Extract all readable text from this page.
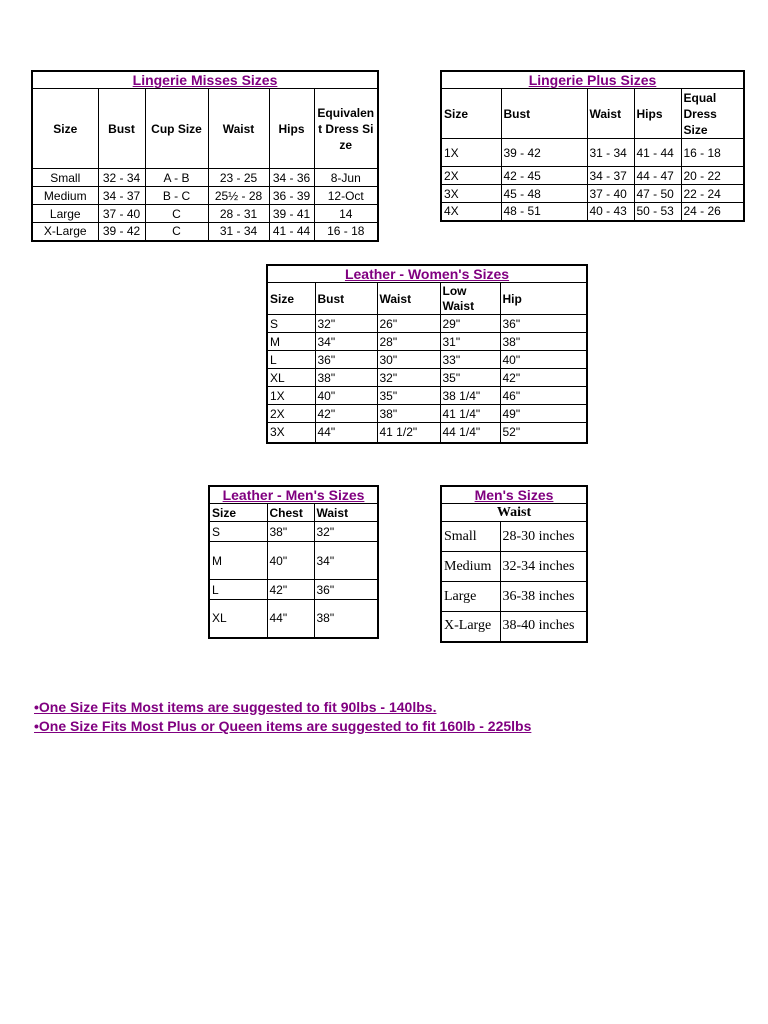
Lingerie Misses Sizes					
Size	Bust	Cup Size	Waist	Hips	Equivalent Dress Size
Small	32 - 34	A - B	23 - 25	34 - 36	8-Jun
Medium	34 - 37	B - C	25½ - 28	36 - 39	12-Oct
Large	37 - 40	C	28 - 31	39 - 41	14
X-Large	39 - 42	C	31 - 34	41 - 44	16 - 18
Lingerie Plus Sizes				
Size	Bust	Waist	Hips	Equal Dress Size
1X	39 - 42	31 - 34	41 - 44	16 - 18
2X	42 - 45	34 - 37	44 - 47	20 - 22
3X	45 - 48	37 - 40	47 - 50	22 - 24
4X	48 - 51	40 - 43	50 - 53	24 - 26
Leather - Women's Sizes				
Size	Bust	Waist	Low Waist	Hip
S	32"	26"	29"	36"
M	34"	28"	31"	38"
L	36"	30"	33"	40"
XL	38"	32"	35"	42"
1X	40"	35"	38 1/4"	46"
2X	42"	38"	41 1/4"	49"
3X	44"	41 1/2"	44 1/4"	52"
Leather - Men's Sizes		
Size	Chest	Waist
S	38"	32"
M	40"	34"
L	42"	36"
XL	44"	38"
Men's Sizes	
Waist	
Small	28-30 inches
Medium	32-34 inches
Large	36-38 inches
X-Large	38-40 inches
•One Size Fits Most items are suggested to fit 90lbs - 140lbs.
•One Size Fits Most Plus or Queen items are suggested to fit 160lb - 225lbs
